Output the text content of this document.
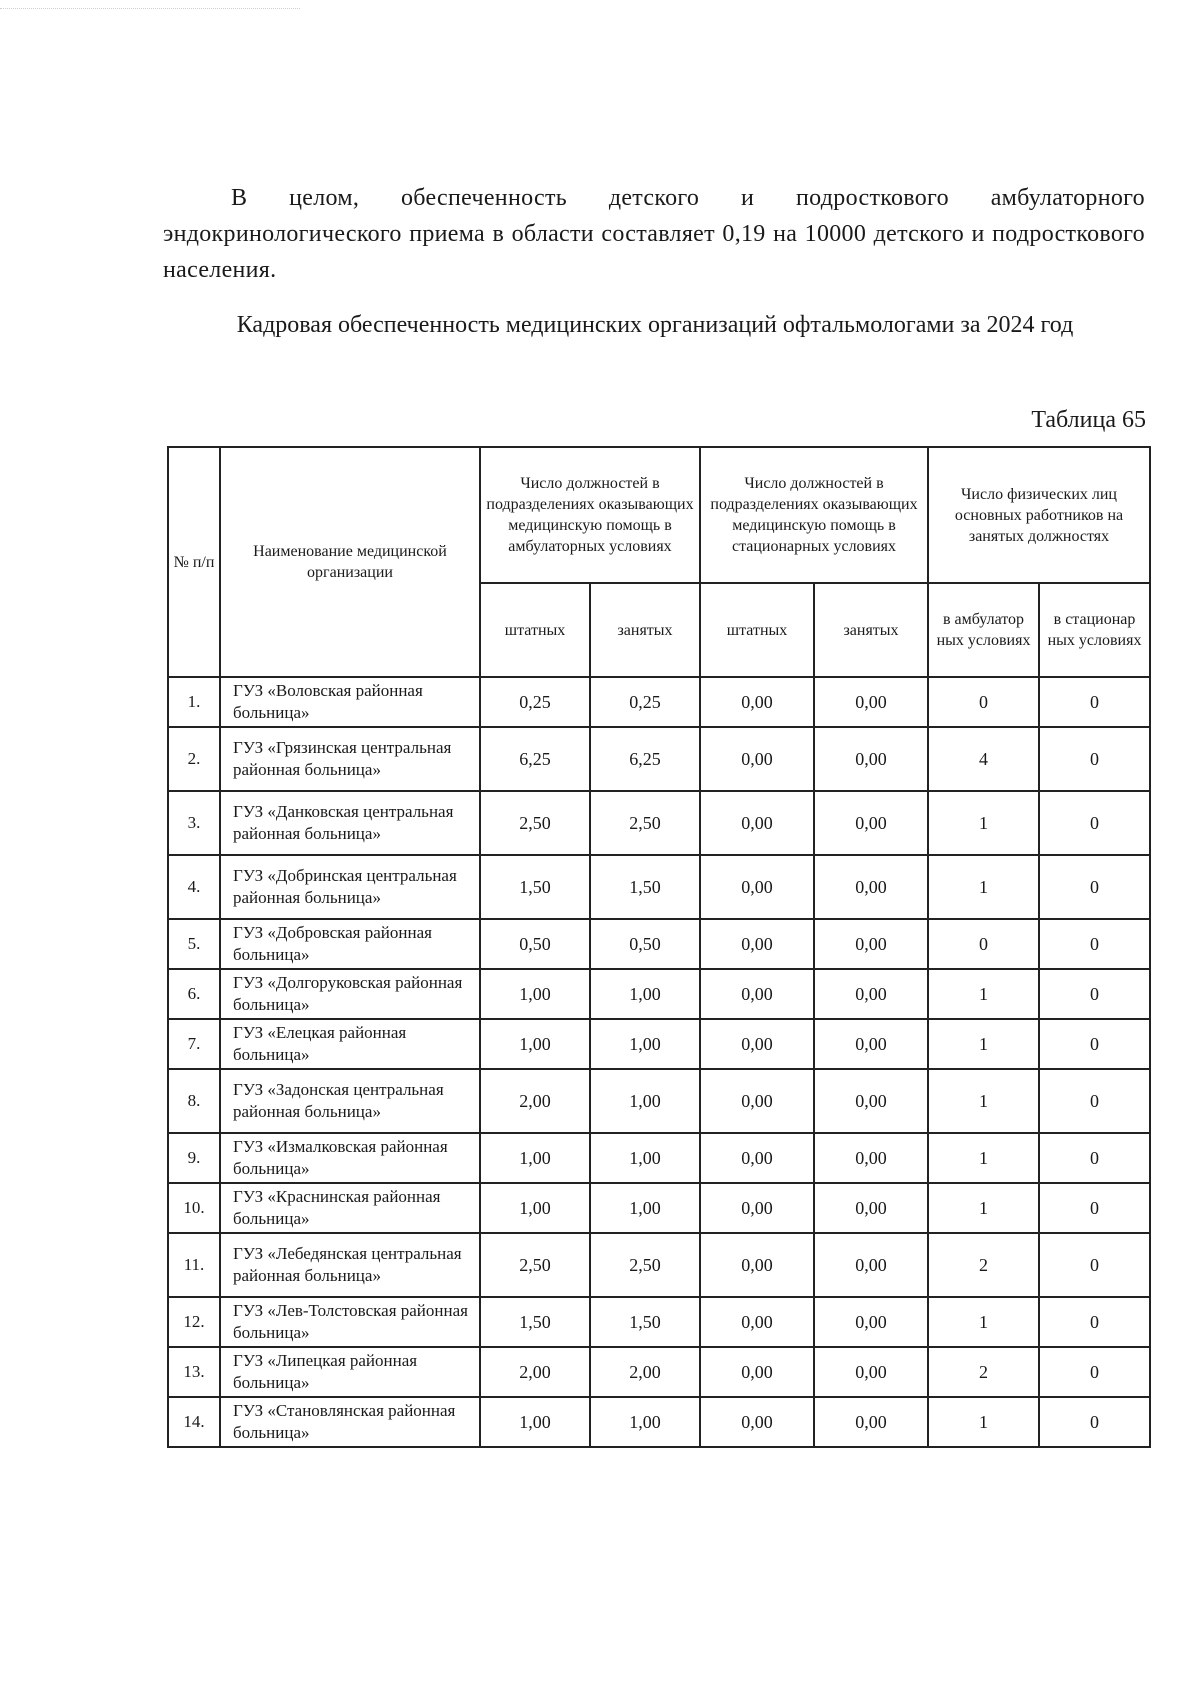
В целом, обеспеченность детского и подросткового амбулаторного эндокринологического приема в области составляет 0,19 на 10000 детского и подросткового населения.

Кадровая обеспеченность медицинских организаций офтальмологами за 2024 год
Таблица 65
№ п/п	Наименование медицинской организации	Число должностей в подразделениях оказывающих медицинскую помощь в амбулаторных условиях		Число должностей в подразделениях оказывающих медицинскую помощь в стационарных условиях		Число физических лиц основных работников на занятых должностях	
		штатных	занятых	штатных	занятых	в амбулатор ных условиях	в стационар ных условиях
1.	ГУЗ «Воловская районная больница»	0,25	0,25	0,00	0,00	0	0
2.	ГУЗ «Грязинская центральная районная больница»	6,25	6,25	0,00	0,00	4	0
3.	ГУЗ «Данковская центральная районная больница»	2,50	2,50	0,00	0,00	1	0
4.	ГУЗ «Добринская центральная районная больница»	1,50	1,50	0,00	0,00	1	0
5.	ГУЗ «Добровская районная больница»	0,50	0,50	0,00	0,00	0	0
6.	ГУЗ «Долгоруковская районная больница»	1,00	1,00	0,00	0,00	1	0
7.	ГУЗ «Елецкая районная больница»	1,00	1,00	0,00	0,00	1	0
8.	ГУЗ «Задонская центральная районная больница»	2,00	1,00	0,00	0,00	1	0
9.	ГУЗ «Измалковская районная больница»	1,00	1,00	0,00	0,00	1	0
10.	ГУЗ «Краснинская районная больница»	1,00	1,00	0,00	0,00	1	0
11.	ГУЗ «Лебедянская центральная районная больница»	2,50	2,50	0,00	0,00	2	0
12.	ГУЗ «Лев-Толстовская районная больница»	1,50	1,50	0,00	0,00	1	0
13.	ГУЗ «Липецкая районная больница»	2,00	2,00	0,00	0,00	2	0
14.	ГУЗ «Становлянская районная больница»	1,00	1,00	0,00	0,00	1	0
